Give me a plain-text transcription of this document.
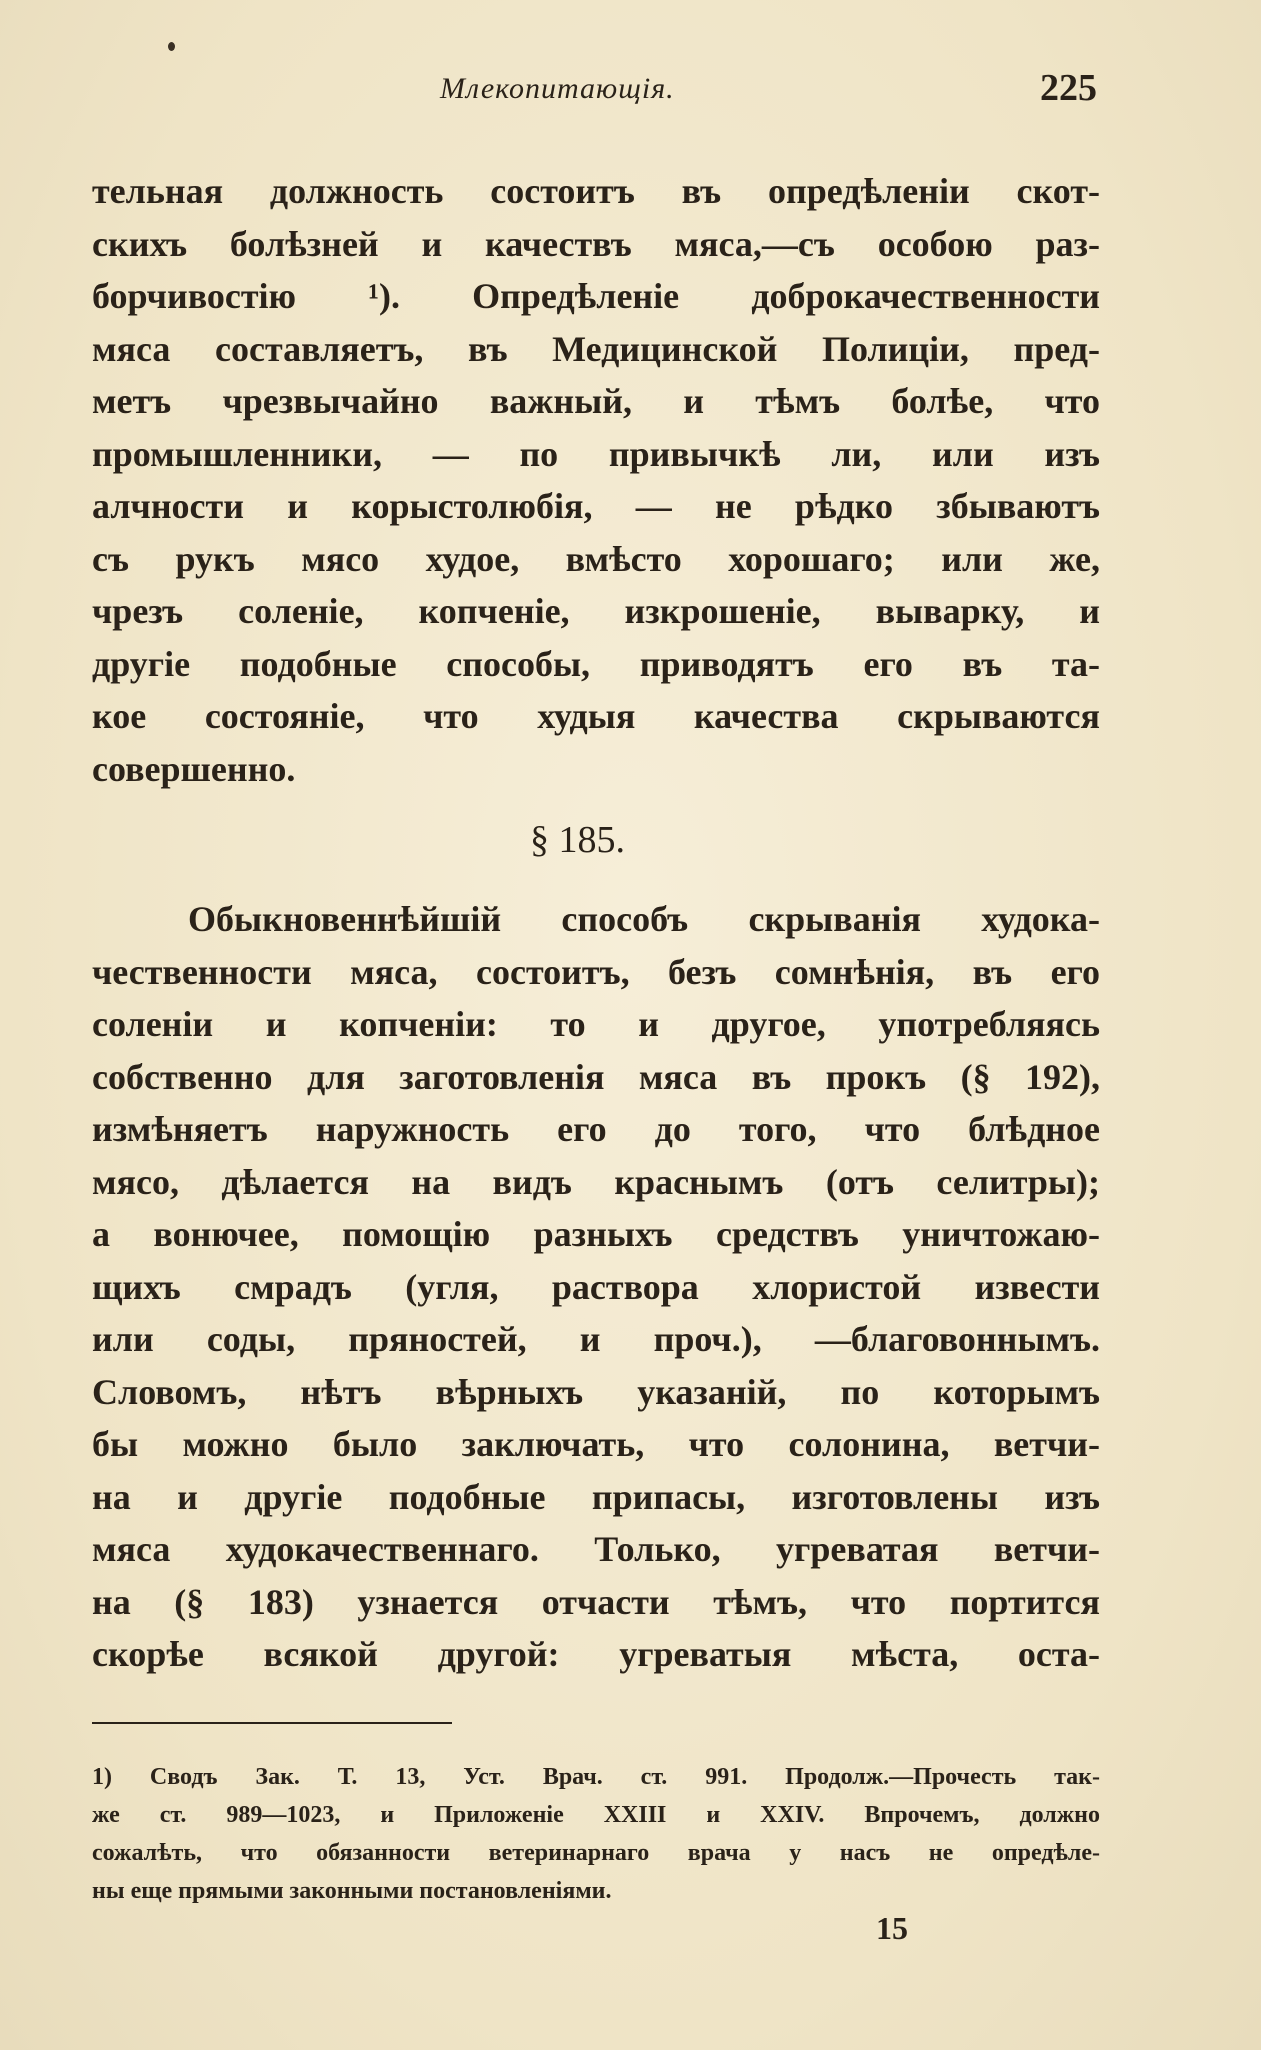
Млекопитающія.	225
тельная должность состоитъ въ опредѣленіи скот-
скихъ болѣзней и качествъ мяса,—съ особою раз-
борчивостію ¹). Опредѣленіе доброкачественности
мяса составляетъ, въ Медицинской Полиціи, пред-
метъ чрезвычайно важный, и тѣмъ болѣе, что
промышленники, — по привычкѣ ли, или изъ
алчности и корыстолюбія, — не рѣдко збываютъ
съ рукъ мясо худое, вмѣсто хорошаго; или же,
чрезъ соленіе, копченіе, изкрошеніе, выварку, и
другіе подобные способы, приводятъ его въ та-
кое состояніе, что худыя качества скрываются
совершенно.
§ 185.
Обыкновеннѣйшій способъ скрыванія худока-
чественности мяса, состоитъ, безъ сомнѣнія, въ его
соленіи и копченіи: то и другое, употребляясь
собственно для заготовленія мяса въ прокъ (§ 192),
измѣняетъ наружность его до того, что блѣдное
мясо, дѣлается на видъ краснымъ (отъ селитры);
а вонючее, помощію разныхъ средствъ уничтожаю-
щихъ смрадъ (угля, раствора хлористой извести
или соды, пряностей, и проч.), —благовоннымъ.
Словомъ, нѣтъ вѣрныхъ указаній, по которымъ
бы можно было заключать, что солонина, ветчи-
на и другіе подобные припасы, изготовлены изъ
мяса худокачественнаго. Только, угреватая ветчи-
на (§ 183) узнается отчасти тѣмъ, что портится
скорѣе всякой другой: угреватыя мѣста, оста-
1) Сводъ Зак. Т. 13, Уст. Врач. ст. 991. Продолж.—Прочесть так-
же ст. 989—1023, и Приложеніе XXIII и XXIV. Впрочемъ, должно
сожалѣть, что обязанности ветеринарнаго врача у насъ не опредѣле-
ны еще прямыми законными постановленіями.
15
